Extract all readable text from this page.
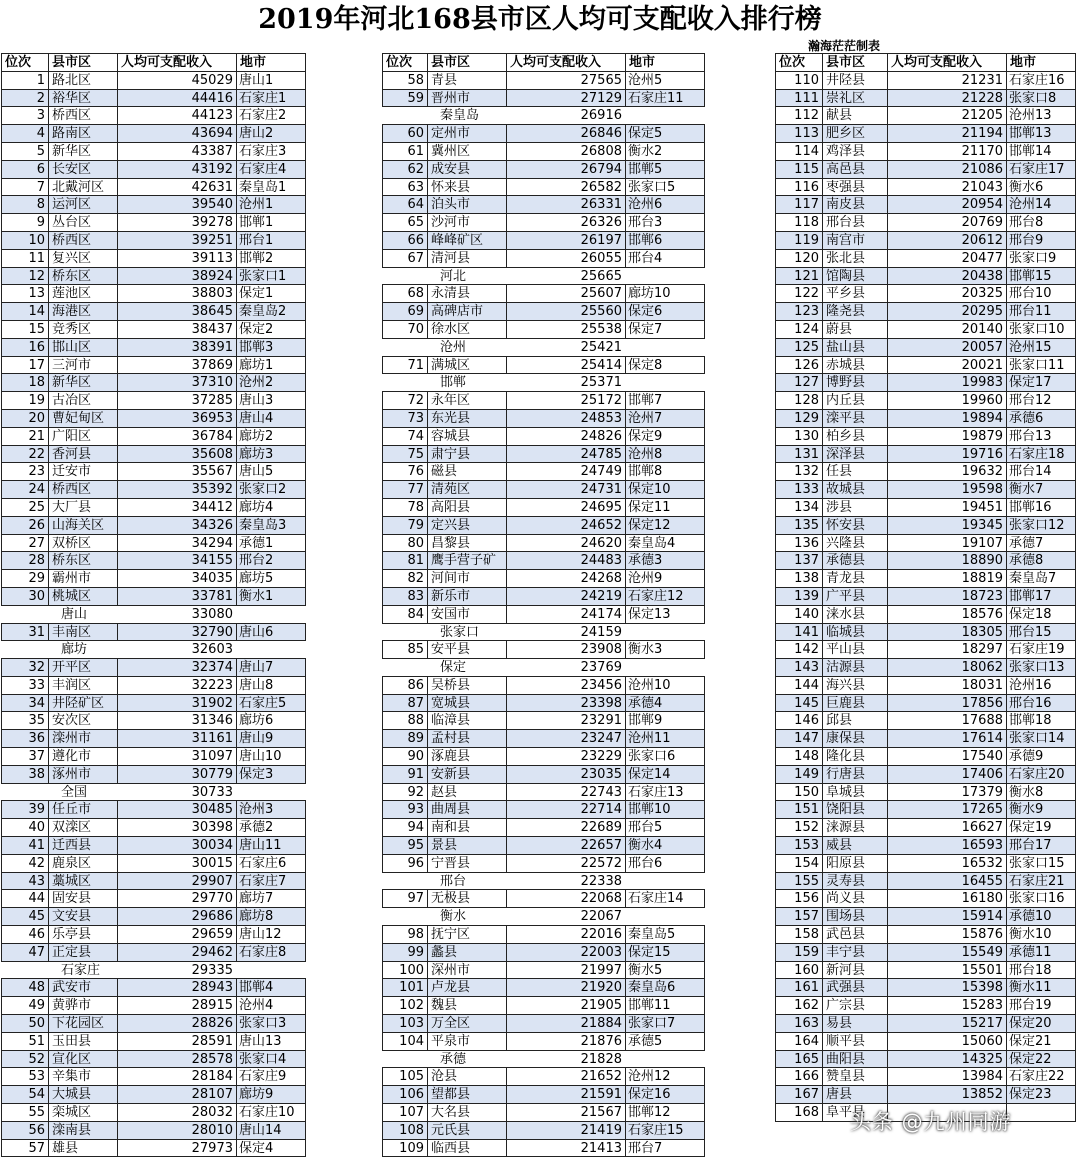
2019年河北168县市区人均可支配收入排行榜
瀚海茫茫制表
位次	县市区	人均可支配收入	地市
1 路北区	45029 唐山1
2 裕华区	44416 石家庄1
3 桥西区	44123 石家庄2
4 路南区	43694 唐山2
5 新华区	43387 石家庄3
6 长安区	43192 石家庄4
7 北戴河区	42631 秦皇岛1
8 运河区	39540 沧州1
9 丛台区	39278 邯郸1
10 桥西区	39251 邢台1
11 复兴区	39113 邯郸2
12 桥东区	38924 张家口1
13 莲池区	38803 保定1
14 海港区	38645 秦皇岛2
15 竞秀区	38437 保定2
16 邯山区	38391 邯郸3
17 三河市	37869 廊坊1
18 新华区	37310 沧州2
19 古冶区	37285 唐山3
20 曹妃甸区	36953 唐山4
21 广阳区	36784 廊坊2
22 香河县	35608 廊坊3
23 迁安市	35567 唐山5
24 桥西区	35392 张家口2
25 大厂县	34412 廊坊4
26 山海关区	34326 秦皇岛3
27 双桥区	34294 承德1
28 桥东区	34155 邢台2
29 霸州市	34035 廊坊5
30 桃城区	33781 衡水1
唐山	33080
31 丰南区	32790 唐山6
廊坊	32603
32 开平区	32374 唐山7
33 丰润区	32223 唐山8
34 井陉矿区	31902 石家庄5
35 安次区	31346 廊坊6
36 滦州市	31161 唐山9
37 遵化市	31097 唐山10
38 涿州市	30779 保定3
全国	30733
39 任丘市	30485 沧州3
40 双滦区	30398 承德2
41 迁西县	30034 唐山11
42 鹿泉区	30015 石家庄6
43 藁城区	29907 石家庄7
44 固安县	29770 廊坊7
45 文安县	29686 廊坊8
46 乐亭县	29659 唐山12
47 正定县	29462 石家庄8
石家庄	29335
48 武安市	28943 邯郸4
49 黄骅市	28915 沧州4
50 下花园区	28826 张家口3
51 玉田县	28591 唐山13
52 宣化区	28578 张家口4
53 辛集市	28184 石家庄9
54 大城县	28107 廊坊9
55 栾城区	28032 石家庄10
56 滦南县	28010 唐山14
57 雄县	27973 保定4
位次	县市区	人均可支配收入	地市
58 青县	27565 沧州5
59 晋州市	27129 石家庄11
秦皇岛	26916
60 定州市	26846 保定5
61 冀州区	26808 衡水2
62 成安县	26794 邯郸5
63 怀来县	26582 张家口5
64 泊头市	26331 沧州6
65 沙河市	26326 邢台3
66 峰峰矿区	26197 邯郸6
67 清河县	26055 邢台4
河北	25665
68 永清县	25607 廊坊10
69 高碑店市	25560 保定6
70 徐水区	25538 保定7
沧州	25421
71 满城区	25414 保定8
邯郸	25371
72 永年区	25172 邯郸7
73 东光县	24853 沧州7
74 容城县	24826 保定9
75 肃宁县	24785 沧州8
76 磁县	24749 邯郸8
77 清苑区	24731 保定10
78 高阳县	24695 保定11
79 定兴县	24652 保定12
80 昌黎县	24620 秦皇岛4
81 鹰手营子矿	24483 承德3
82 河间市	24268 沧州9
83 新乐市	24219 石家庄12
84 安国市	24174 保定13
张家口	24159
85 安平县	23908 衡水3
保定	23769
86 吴桥县	23456 沧州10
87 宽城县	23398 承德4
88 临漳县	23291 邯郸9
89 孟村县	23247 沧州11
90 涿鹿县	23229 张家口6
91 安新县	23035 保定14
92 赵县	22743 石家庄13
93 曲周县	22714 邯郸10
94 南和县	22689 邢台5
95 景县	22657 衡水4
96 宁晋县	22572 邢台6
邢台	22338
97 无极县	22068 石家庄14
衡水	22067
98 抚宁区	22016 秦皇岛5
99 蠡县	22003 保定15
100 深州市	21997 衡水5
101 卢龙县	21920 秦皇岛6
102 魏县	21905 邯郸11
103 万全区	21884 张家口7
104 平泉市	21876 承德5
承德	21828
105 沧县	21652 沧州12
106 望都县	21591 保定16
107 大名县	21567 邯郸12
108 元氏县	21419 石家庄15
109 临西县	21413 邢台7
位次	县市区	人均可支配收入	地市
110 井陉县	21231 石家庄16
111 崇礼区	21228 张家口8
112 献县	21205 沧州13
113 肥乡区	21194 邯郸13
114 鸡泽县	21170 邯郸14
115 高邑县	21086 石家庄17
116 枣强县	21043 衡水6
117 南皮县	20954 沧州14
118 邢台县	20769 邢台8
119 南宫市	20612 邢台9
120 张北县	20477 张家口9
121 馆陶县	20438 邯郸15
122 平乡县	20325 邢台10
123 隆尧县	20295 邢台11
124 蔚县	20140 张家口10
125 盐山县	20057 沧州15
126 赤城县	20021 张家口11
127 博野县	19983 保定17
128 内丘县	19960 邢台12
129 滦平县	19894 承德6
130 柏乡县	19879 邢台13
131 深泽县	19716 石家庄18
132 任县	19632 邢台14
133 故城县	19598 衡水7
134 涉县	19451 邯郸16
135 怀安县	19345 张家口12
136 兴隆县	19107 承德7
137 承德县	18890 承德8
138 青龙县	18819 秦皇岛7
139 广平县	18723 邯郸17
140 涞水县	18576 保定18
141 临城县	18305 邢台15
142 平山县	18297 石家庄19
143 沽源县	18062 张家口13
144 海兴县	18031 沧州16
145 巨鹿县	17856 邢台16
146 邱县	17688 邯郸18
147 康保县	17614 张家口14
148 隆化县	17540 承德9
149 行唐县	17406 石家庄20
150 阜城县	17379 衡水8
151 饶阳县	17265 衡水9
152 涞源县	16627 保定19
153 威县	16593 邢台17
154 阳原县	16532 张家口15
155 灵寿县	16455 石家庄21
156 尚义县	16180 张家口16
157 围场县	15914 承德10
158 武邑县	15876 衡水10
159 丰宁县	15549 承德11
160 新河县	15501 邢台18
161 武强县	15398 衡水11
162 广宗县	15283 邢台19
163 易县	15217 保定20
164 顺平县	15060 保定21
165 曲阳县	14325 保定22
166 赞皇县	13984 石家庄22
167 唐县	13852 保定23
168 阜平县
头条 @九州同游
